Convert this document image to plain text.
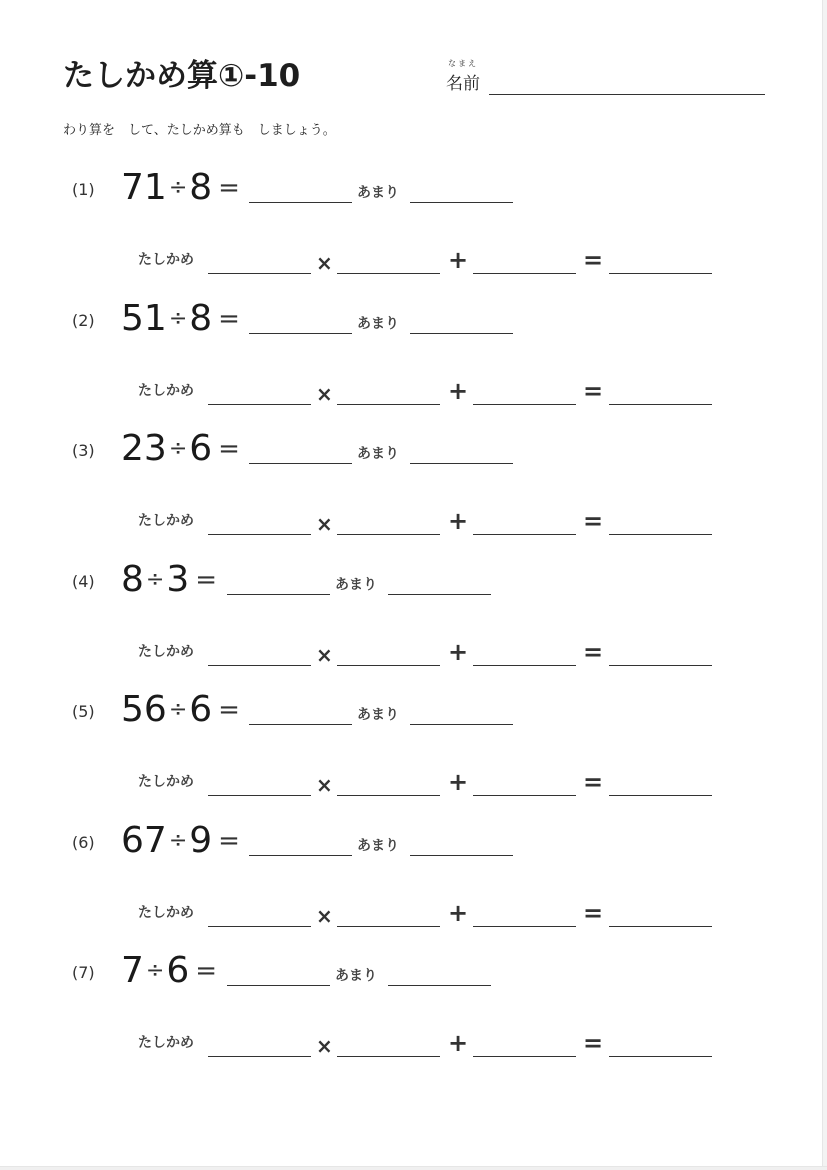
たしかめ算①-10	なまえ
名前
わり算を　して、たしかめ算も　しましょう。
(1) 71 ÷ 8 =	あまり
たしかめ	×	+	=
(2) 51 ÷ 8 =	あまり
たしかめ	×	+	=
(3) 23 ÷ 6 =	あまり
たしかめ	×	+	=
(4) 8 ÷ 3 =	あまり
たしかめ	×	+	=
(5) 56 ÷ 6 =	あまり
たしかめ	×	+	=
(6) 67 ÷ 9 =	あまり
たしかめ	×	+	=
(7) 7 ÷ 6 =	あまり
たしかめ	×	+	=
